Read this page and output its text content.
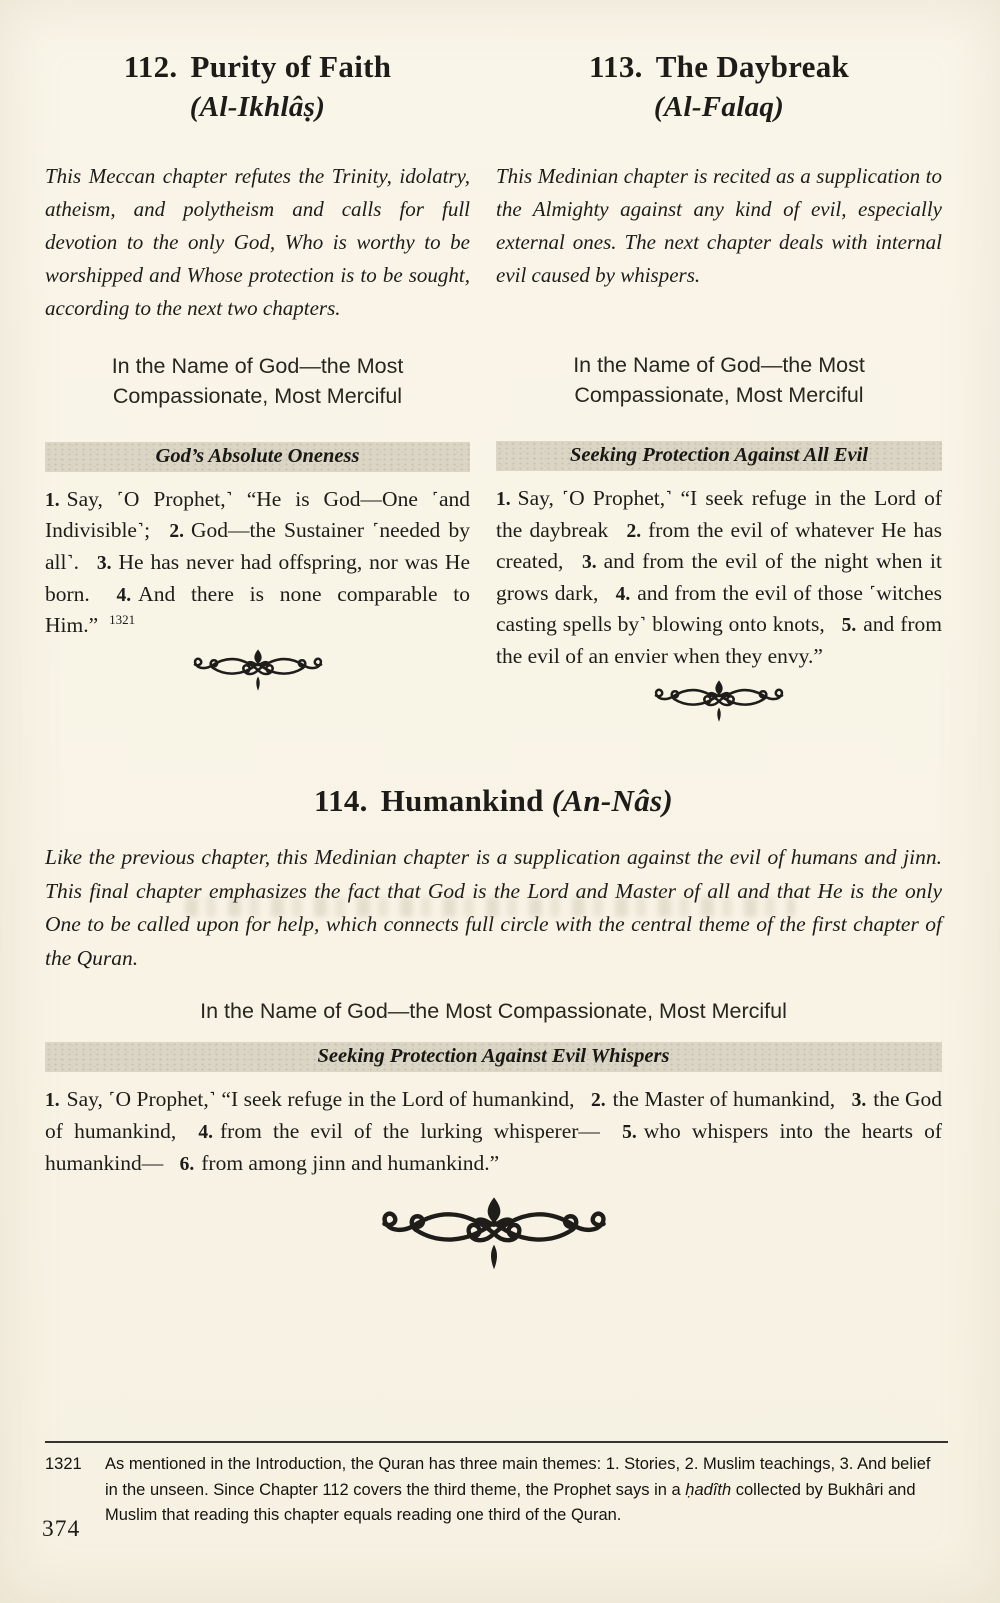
112. Purity of Faith
(Al-Ikhlâṣ)

This Meccan chapter refutes the Trinity, idolatry, atheism, and polytheism and calls for full devotion to the only God, Who is worthy to be worshipped and Whose protection is to be sought, according to the next two chapters.

In the Name of God—the Most
Compassionate, Most Merciful

God’s Absolute Oneness

1. Say, ˹O Prophet,˺ “He is God—One ˹and Indivisible˺; 2. God—the Sustainer ˹needed by all˺. 3. He has never had offspring, nor was He born. 4. And there is none comparable to Him.” $^{1321}$

113. The Daybreak
(Al-Falaq)

This Medinian chapter is recited as a supplication to the Almighty against any kind of evil, especially external ones. The next chapter deals with internal evil caused by whispers.

In the Name of God—the Most
Compassionate, Most Merciful

Seeking Protection Against All Evil

1. Say, ˹O Prophet,˺ “I seek refuge in the Lord of the daybreak 2. from the evil of whatever He has created, 3. and from the evil of the night when it grows dark, 4. and from the evil of those ˹witches casting spells by˺ blowing onto knots, 5. and from the evil of an envier when they envy.”

114. Humankind (An-Nâs)

Like the previous chapter, this Medinian chapter is a supplication against the evil of humans and jinn. This final chapter emphasizes the fact that God is the Lord and Master of all and that He is the only One to be called upon for help, which connects full circle with the central theme of the first chapter of the Quran.

In the Name of God—the Most Compassionate, Most Merciful

Seeking Protection Against Evil Whispers

1. Say, ˹O Prophet,˺ “I seek refuge in the Lord of humankind, 2. the Master of humankind, 3. the God of humankind, 4. from the evil of the lurking whisperer— 5. who whispers into the hearts of humankind— 6. from among jinn and humankind.”

1321	As mentioned in the Introduction, the Quran has three main themes: 1. Stories, 2. Muslim teachings, 3. And belief in the unseen. Since Chapter 112 covers the third theme, the Prophet says in a ḥadîth collected by Bukhâri and Muslim that reading this chapter equals reading one third of the Quran.
374
